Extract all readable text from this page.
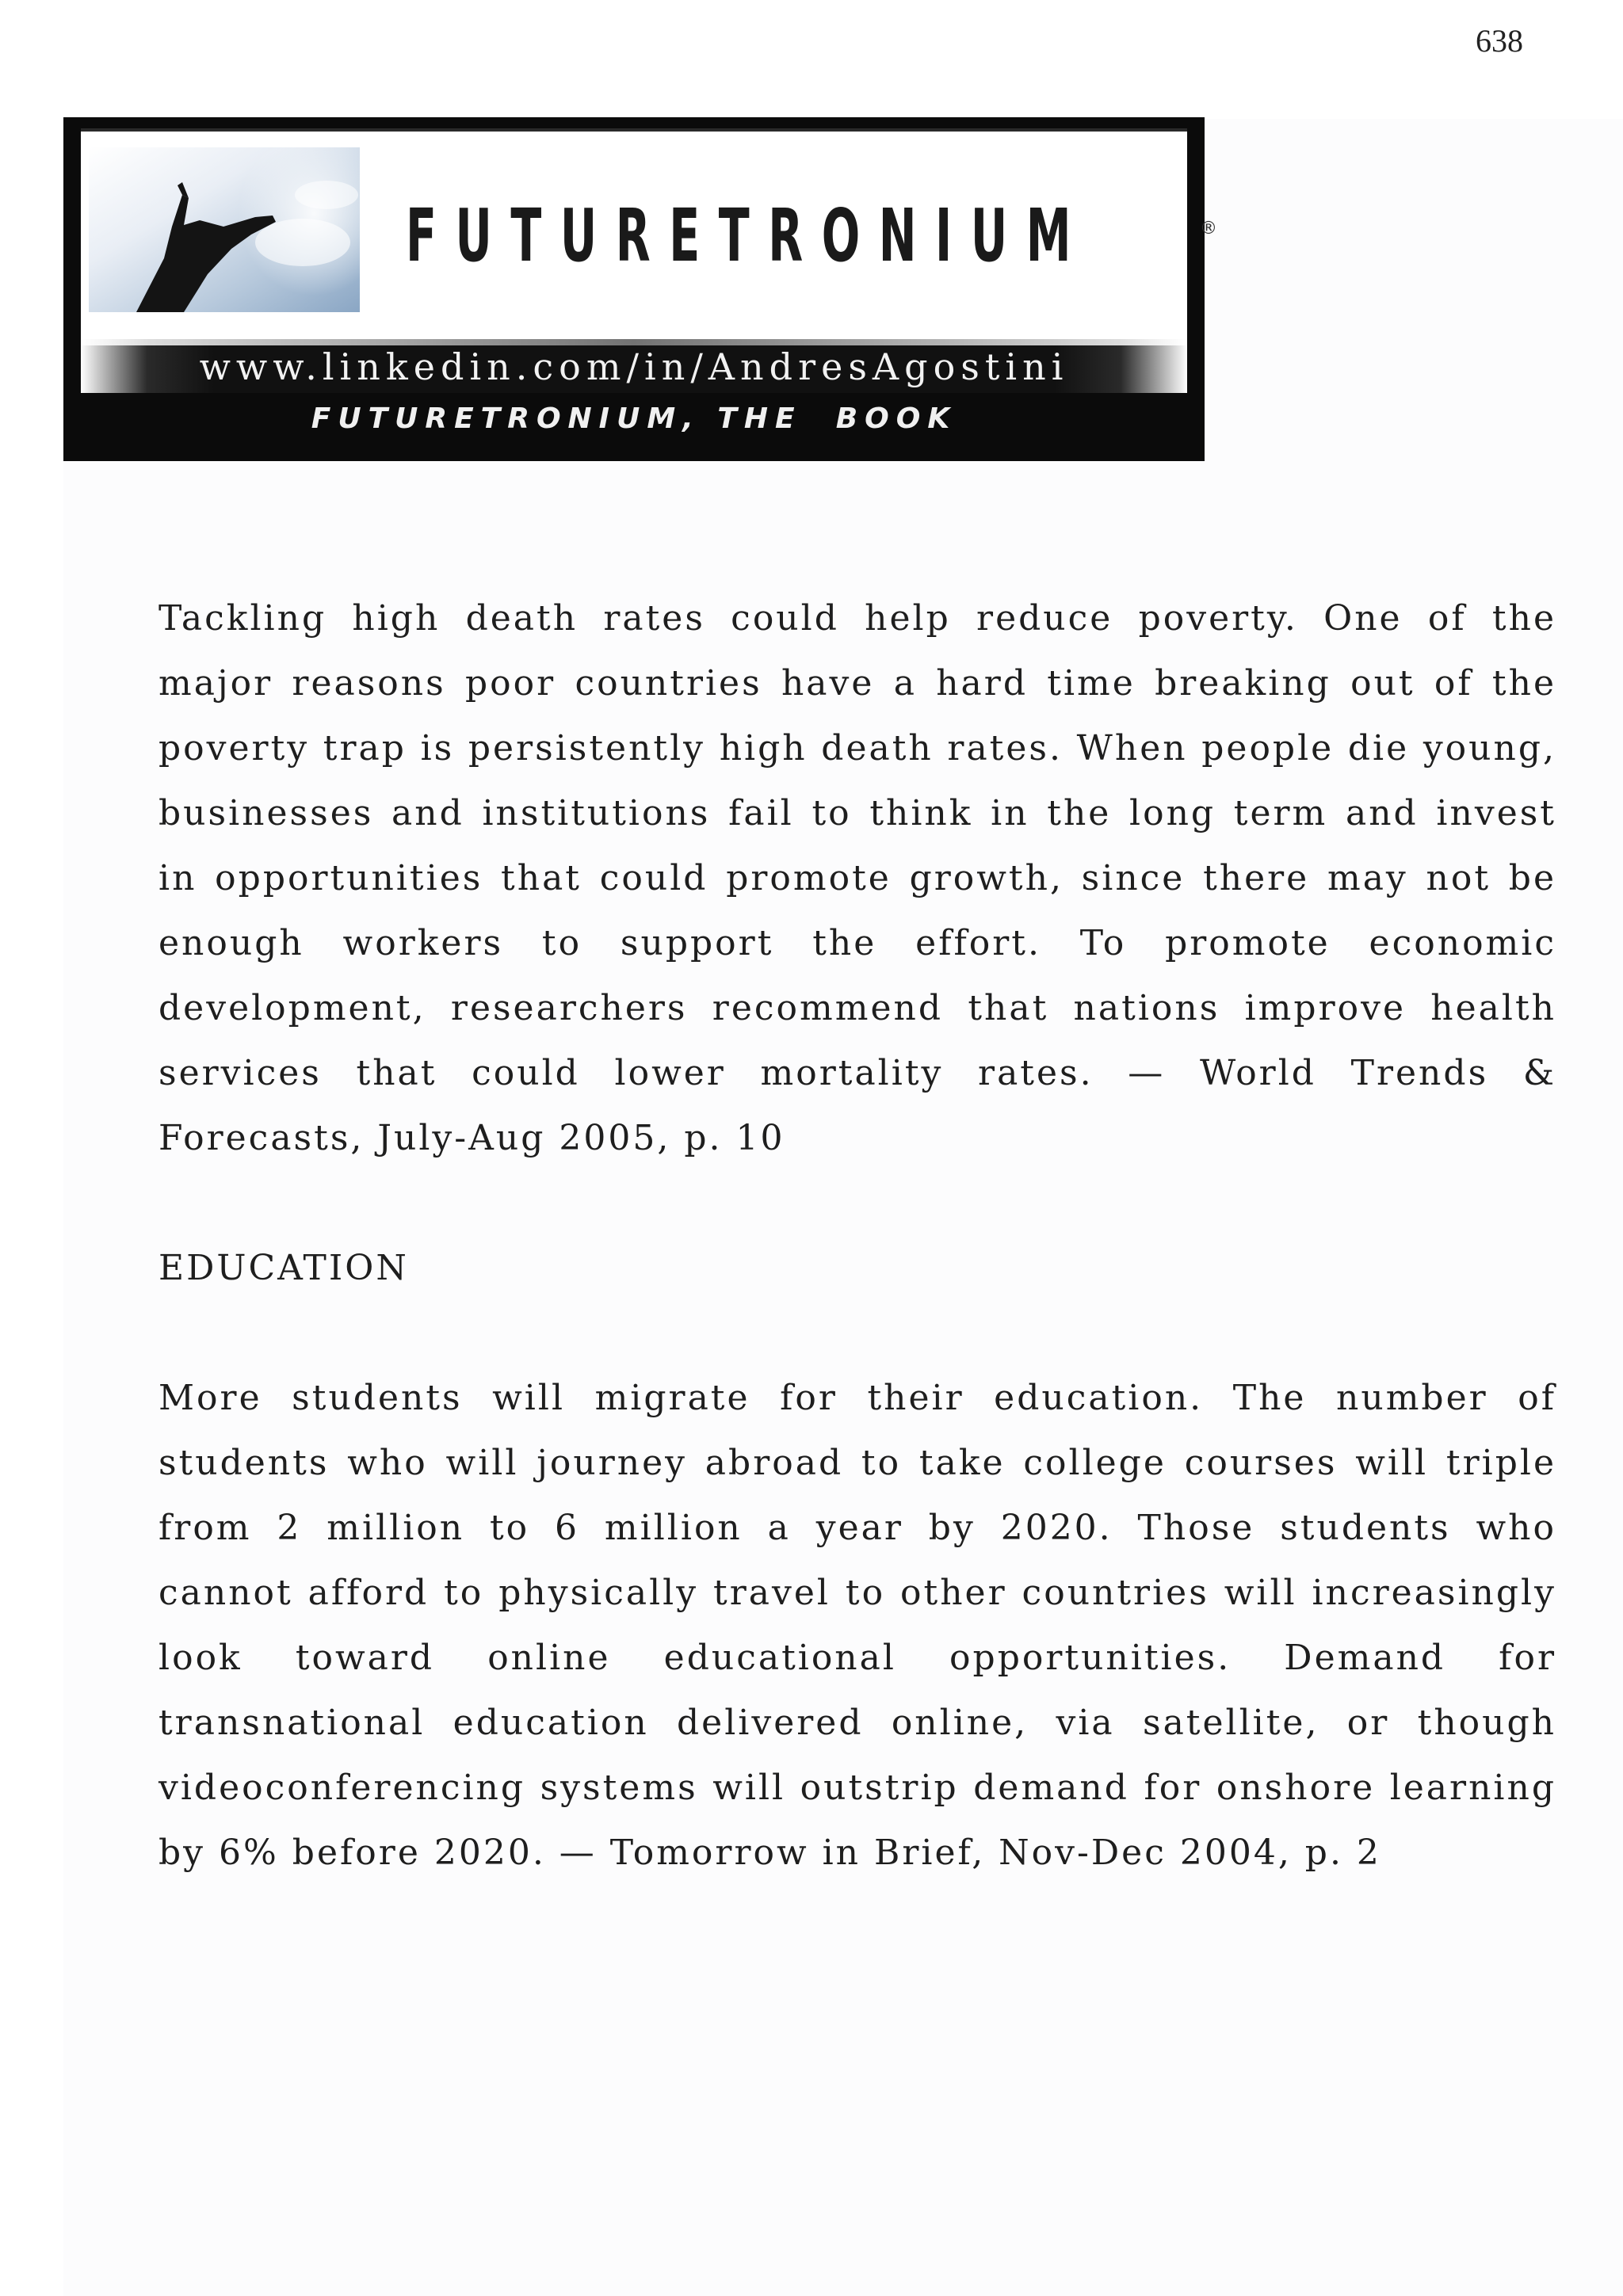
638
FUTURETRONIUM	®
www.linkedin.com/in/AndresAgostini
FUTURETRONIUM, THE  BOOK

Tackling high death rates could help reduce poverty. One of the major reasons poor countries have a hard time breaking out of the poverty trap is persistently high death rates. When people die young, businesses and institutions fail to think in the long term and invest in opportunities that could promote growth, since there may not be enough workers to support the effort. To promote economic development, researchers recommend that nations improve health services that could lower mortality rates. — World Trends & Forecasts, July-Aug 2005, p. 10

EDUCATION

More students will migrate for their education. The number of students who will journey abroad to take college courses will triple from 2 million to 6 million a year by 2020. Those students who cannot afford to physically travel to other countries will increasingly look toward online educational opportunities. Demand for transnational education delivered online, via satellite, or though videoconferencing systems will outstrip demand for onshore learning by 6% before 2020. — Tomorrow in Brief, Nov-Dec 2004, p. 2
